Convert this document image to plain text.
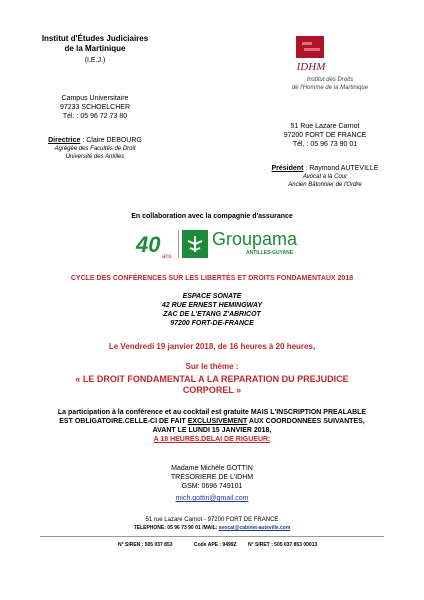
Institut d'Études Judiciaires
de la Martinique
(I.E.J.)
Campus Universitaire
97233 SCHOELCHER
Tél. : 05 96 72 73 80
Directrice : Claire DEBOURG
Agrégée des Facultés de Droit
Université des Antilles
IDHM
Institut des Droits
de l'Homme de la Martinique
51 Rue Lazare Carnot
97200 FORT DE FRANCE
Tél. : 05 96 73 90 01
Président : Raymond AUTEVILLE
Avocat à la Cour
Ancien Bâtonnier de l'Ordre
En collaboration avec la compagnie d'assurance
40 ans
Groupama
ANTILLES-GUYANE
CYCLE DES CONFÉRENCES SUR LES LIBERTÉS ET DROITS FONDAMENTAUX 2018
ESPACE SONATE
42 RUE ERNEST HEMINGWAY
ZAC DE L'ETANG Z'ABRICOT
97200 FORT-DE-FRANCE
Le Vendredi 19 janvier 2018, de 16 heures à 20 heures,
Sur le thème :
« LE DROIT FONDAMENTAL A LA REPARATION DU PREJUDICE
CORPOREL »
La participation à la conférence et au cocktail est gratuite MAIS L'INSCRIPTION PREALABLE
EST OBLIGATOIRE.CELLE-CI DE FAIT EXCLUSIVEMENT AUX COORDONNEES SUIVANTES,
AVANT LE LUNDI 15 JANVIER 2018,
A 18 HEURES.DELAI DE RIGUEUR:
Madame Michèle GOTTIN
TRESORIERE DE L'IDHM
GSM: 0696 749101
mich.gottin@gmail.com
51 rue Lazare Carnot - 97200 FORT DE FRANCE
TELEPHONE: 05 96 73 90 01 /MAIL: avocat@cabinet-auteville.com
N° SIREN : 505 037 853	Code APE : 9499Z N° SIRET : 505 037 853 00013
